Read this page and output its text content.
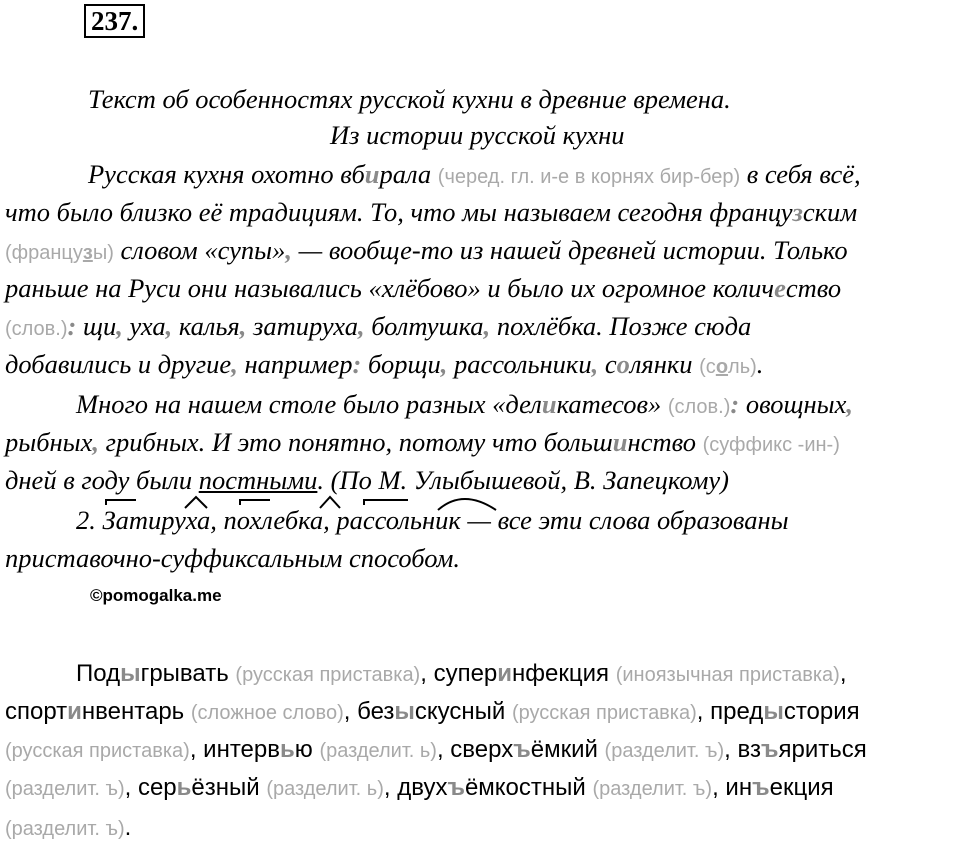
237.
Текст об особенностях русской кухни в древние времена.
Из истории русской кухни
Русская кухня охотно вбирала (черед. гл. и-е в корнях бир-бер) в себя всё,
что было близко её традициям. То, что мы называем сегодня французским
(французы) словом «супы», — вообще-то из нашей древней истории. Только
раньше на Руси они назывались «хлёбово» и было их огромное количество
(слов.): щи, уха, калья, затируха, болтушка, похлёбка. Позже сюда
добавились и другие, например: борщи, рассольники, солянки (соль).
Много на нашем столе было разных «деликатесов» (слов.): овощных,
рыбных, грибных. И это понятно, потому что большинство (суффикс -ин-)
дней в году были постными. (По М. Улыбышевой, В. Запецкому)
2. Затируха, похлебка, рассольник — все эти слова образованы
приставочно-суффиксальным способом.
©pomogalka.me
Подыгрывать (русская приставка), суперинфекция (иноязычная приставка),
спортинвентарь (сложное слово), безыскусный (русская приставка), предыстория
(русская приставка), интервью (разделит. ь), сверхъёмкий (разделит. ъ), взъяриться
(разделит. ъ), серьёзный (разделит. ь), двухъёмкостный (разделит. ъ), инъекция
(разделит. ъ).
